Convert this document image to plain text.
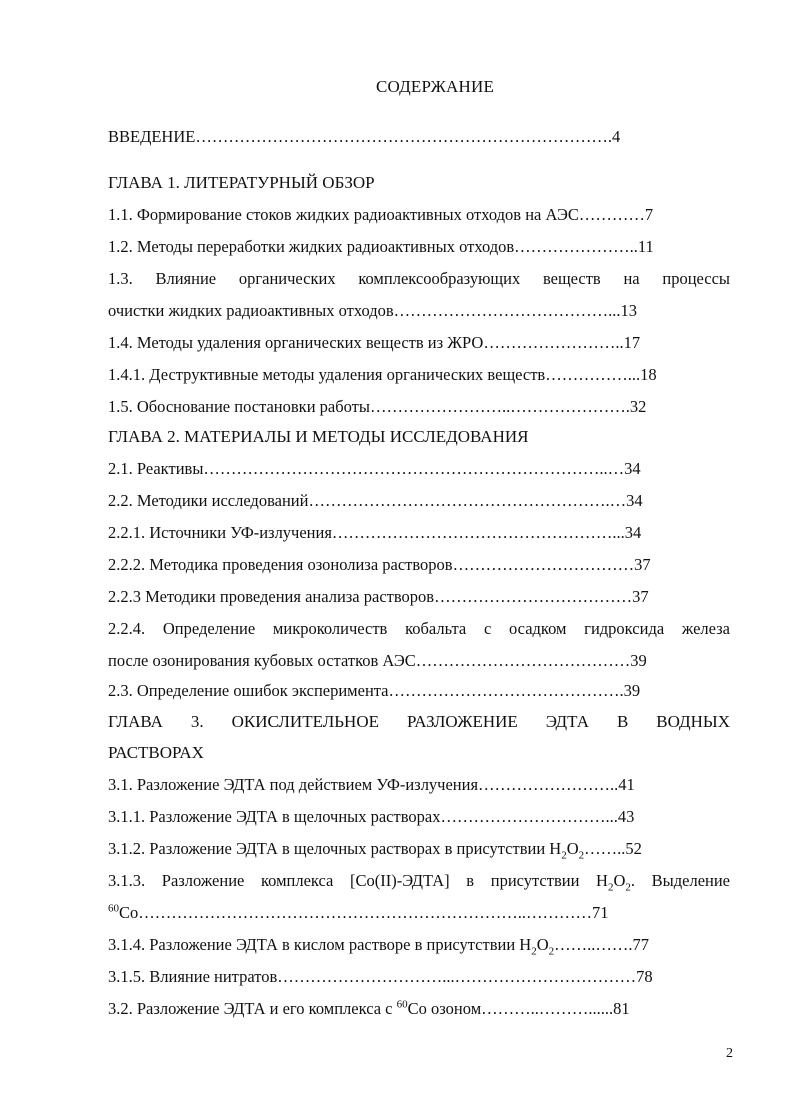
СОДЕРЖАНИЕ
ВВЕДЕНИЕ………………………………………………………………….4
ГЛАВА 1. ЛИТЕРАТУРНЫЙ ОБЗОР
1.1. Формирование стоков жидких радиоактивных отходов на АЭС…………7
1.2. Методы переработки жидких радиоактивных отходов…………………..11
1.3. Влияние органических комплексообразующих веществ на процессы
очистки жидких радиоактивных отходов…………………………………...13
1.4. Методы удаления органических веществ из ЖРО……………………..17
1.4.1. Деструктивные методы удаления органических веществ……………...18
1.5. Обоснование постановки работы……………………..………………….32
ГЛАВА 2. МАТЕРИАЛЫ И МЕТОДЫ ИССЛЕДОВАНИЯ
2.1. Реактивы………………………………………………………………..…34
2.2. Методики исследований……………………………………………….…34
2.2.1. Источники УФ-излучения……………………………………………...34
2.2.2. Методика проведения озонолиза растворов……………………………37
2.2.3 Методики проведения анализа растворов………………………………37
2.2.4. Определение микроколичеств кобальта с осадком гидроксида железа
после озонирования кубовых остатков АЭС…………………………………39
2.3. Определение ошибок эксперимента…………………………………….39
ГЛАВА 3. ОКИСЛИТЕЛЬНОЕ РАЗЛОЖЕНИЕ ЭДТА В ВОДНЫХ
РАСТВОРАХ
3.1. Разложение ЭДТА под действием УФ-излучения……………………..41
3.1.1. Разложение ЭДТА в щелочных растворах…………………………...43
3.1.2. Разложение ЭДТА в щелочных растворах в присутствии $H_2O_2\dots\dots..52$
3.1.3. Разложение комплекса [Co(II)-ЭДТА] в присутствии $H_2O_2$. Выделение
$^{60}$Co……………………………………………………………..…………71
3.1.4. Разложение ЭДТА в кислом растворе в присутствии $H_2O_2\dots\dots..\dots\dots.77$
3.1.5. Влияние нитратов…………………………...……………………………78
3.2. Разложение ЭДТА и его комплекса с $^{60}$Co озоном………..………......81
2
